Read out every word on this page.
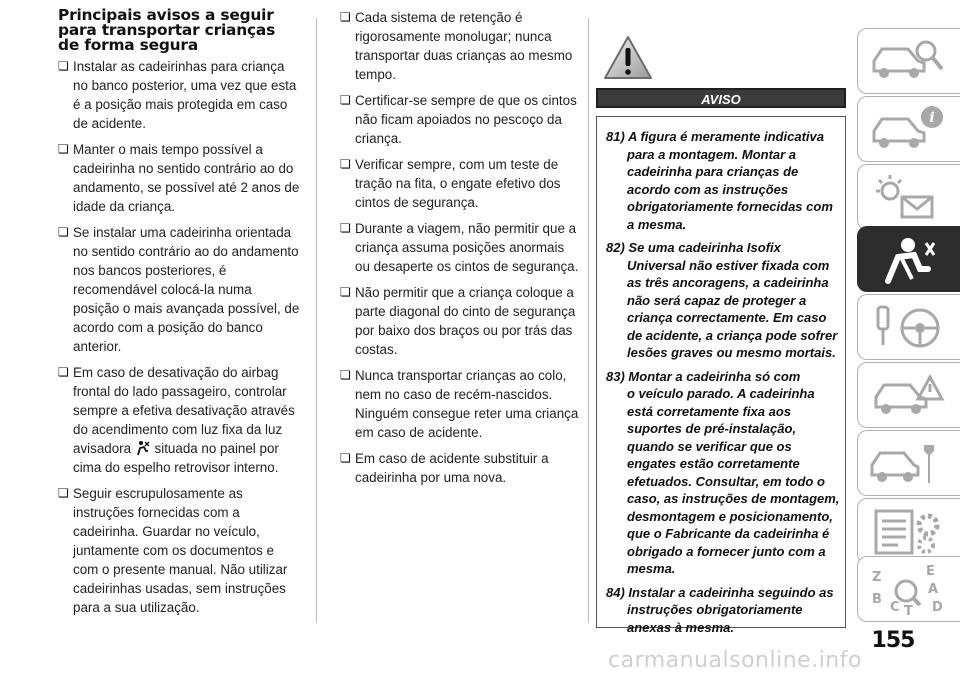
Principais avisos a seguir para transportar crianças de forma segura
❏ Instalar as cadeirinhas para criança no banco posterior, uma vez que esta é a posição mais protegida em caso de acidente.
❏ Manter o mais tempo possível a cadeirinha no sentido contrário ao do andamento, se possível até 2 anos de idade da criança.
❏ Se instalar uma cadeirinha orientada no sentido contrário ao do andamento nos bancos posteriores, é recomendável colocá-la numa posição o mais avançada possível, de acordo com a posição do banco anterior.
❏ Em caso de desativação do airbag frontal do lado passageiro, controlar sempre a efetiva desativação através do acendimento com luz fixa da luz avisadora situada no painel por cima do espelho retrovisor interno.
❏ Seguir escrupulosamente as instruções fornecidas com a cadeirinha. Guardar no veículo, juntamente com os documentos e com o presente manual. Não utilizar cadeirinhas usadas, sem instruções para a sua utilização.
❏ Cada sistema de retenção é rigorosamente monolugar; nunca transportar duas crianças ao mesmo tempo.
❏ Certificar-se sempre de que os cintos não ficam apoiados no pescoço da criança.
❏ Verificar sempre, com um teste de tração na fita, o engate efetivo dos cintos de segurança.
❏ Durante a viagem, não permitir que a criança assuma posições anormais ou desaperte os cintos de segurança.
❏ Não permitir que a criança coloque a parte diagonal do cinto de segurança por baixo dos braços ou por trás das costas.
❏ Nunca transportar crianças ao colo, nem no caso de recém-nascidos. Ninguém consegue reter uma criança em caso de acidente.
❏ Em caso de acidente substituir a cadeirinha por uma nova.
AVISO
81) A figura é meramente indicativa
para a montagem. Montar a cadeirinha para crianças de acordo com as instruções obrigatoriamente fornecidas com a mesma.
82) Se uma cadeirinha Isofix
Universal não estiver fixada com as três ancoragens, a cadeirinha não será capaz de proteger a criança correctamente. Em caso de acidente, a criança pode sofrer lesões graves ou mesmo mortais.
83) Montar a cadeirinha só com
o veículo parado. A cadeirinha está corretamente fixa aos suportes de pré-instalação, quando se verificar que os engates estão corretamente efetuados. Consultar, em todo o caso, as instruções de montagem, desmontagem e posicionamento, que o Fabricante da cadeirinha é obrigado a fornecer junto com a mesma.
84) Instalar a cadeirinha seguindo as
instruções obrigatoriamente anexas à mesma.
i
Z	E
B
A
C D
T
155
carmanualsonline.info
